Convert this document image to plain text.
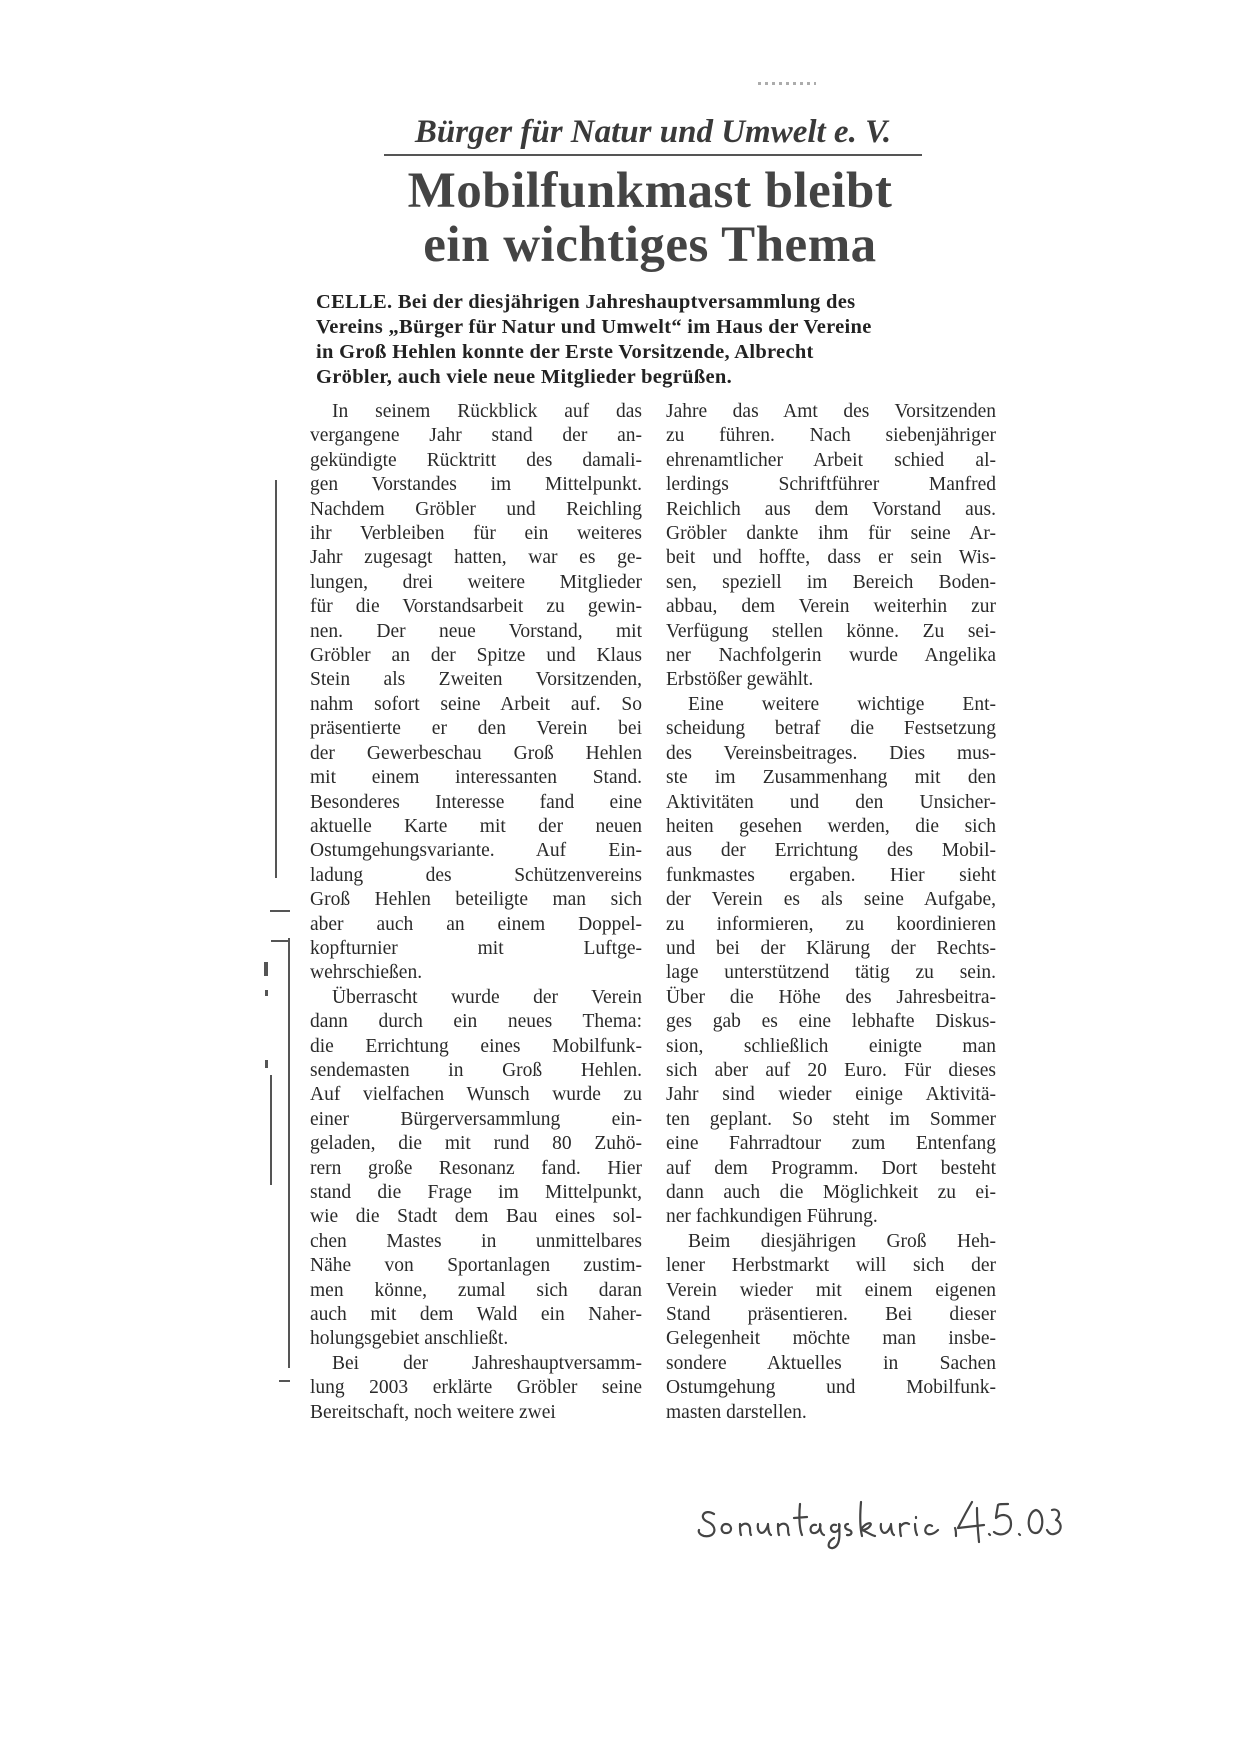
Bürger für Natur und Umwelt e. V.
Mobilfunkmast bleibt
ein wichtiges Thema
CELLE. Bei der diesjährigen Jahreshauptversammlung des
Vereins „Bürger für Natur und Umwelt“ im Haus der Vereine
in Groß Hehlen konnte der Erste Vorsitzende, Albrecht
Gröbler, auch viele neue Mitglieder begrüßen.
In seinem Rückblick auf das
vergangene Jahr stand der an-
gekündigte Rücktritt des damali-
gen Vorstandes im Mittelpunkt.
Nachdem Gröbler und Reichling
ihr Verbleiben für ein weiteres
Jahr zugesagt hatten, war es ge-
lungen, drei weitere Mitglieder
für die Vorstandsarbeit zu gewin-
nen. Der neue Vorstand, mit
Gröbler an der Spitze und Klaus
Stein als Zweiten Vorsitzenden,
nahm sofort seine Arbeit auf. So
präsentierte er den Verein bei
der Gewerbeschau Groß Hehlen
mit einem interessanten Stand.
Besonderes Interesse fand eine
aktuelle Karte mit der neuen
Ostumgehungsvariante. Auf Ein-
ladung des Schützenvereins
Groß Hehlen beteiligte man sich
aber auch an einem Doppel-
kopfturnier mit Luftge-
wehrschießen.
Überrascht wurde der Verein
dann durch ein neues Thema:
die Errichtung eines Mobilfunk-
sendemasten in Groß Hehlen.
Auf vielfachen Wunsch wurde zu
einer Bürgerversammlung ein-
geladen, die mit rund 80 Zuhö-
rern große Resonanz fand. Hier
stand die Frage im Mittelpunkt,
wie die Stadt dem Bau eines sol-
chen Mastes in unmittelbares
Nähe von Sportanlagen zustim-
men könne, zumal sich daran
auch mit dem Wald ein Naher-
holungsgebiet anschließt.
Bei der Jahreshauptversamm-
lung 2003 erklärte Gröbler seine
Bereitschaft, noch weitere zwei
Jahre das Amt des Vorsitzenden
zu führen. Nach siebenjähriger
ehrenamtlicher Arbeit schied al-
lerdings Schriftführer Manfred
Reichlich aus dem Vorstand aus.
Gröbler dankte ihm für seine Ar-
beit und hoffte, dass er sein Wis-
sen, speziell im Bereich Boden-
abbau, dem Verein weiterhin zur
Verfügung stellen könne. Zu sei-
ner Nachfolgerin wurde Angelika
Erbstößer gewählt.
Eine weitere wichtige Ent-
scheidung betraf die Festsetzung
des Vereinsbeitrages. Dies mus-
ste im Zusammenhang mit den
Aktivitäten und den Unsicher-
heiten gesehen werden, die sich
aus der Errichtung des Mobil-
funkmastes ergaben. Hier sieht
der Verein es als seine Aufgabe,
zu informieren, zu koordinieren
und bei der Klärung der Rechts-
lage unterstützend tätig zu sein.
Über die Höhe des Jahresbeitra-
ges gab es eine lebhafte Diskus-
sion, schließlich einigte man
sich aber auf 20 Euro. Für dieses
Jahr sind wieder einige Aktivitä-
ten geplant. So steht im Sommer
eine Fahrradtour zum Entenfang
auf dem Programm. Dort besteht
dann auch die Möglichkeit zu ei-
ner fachkundigen Führung.
Beim diesjährigen Groß Heh-
lener Herbstmarkt will sich der
Verein wieder mit einem eigenen
Stand präsentieren. Bei dieser
Gelegenheit möchte man insbe-
sondere Aktuelles in Sachen
Ostumgehung und Mobilfunk-
masten darstellen.
